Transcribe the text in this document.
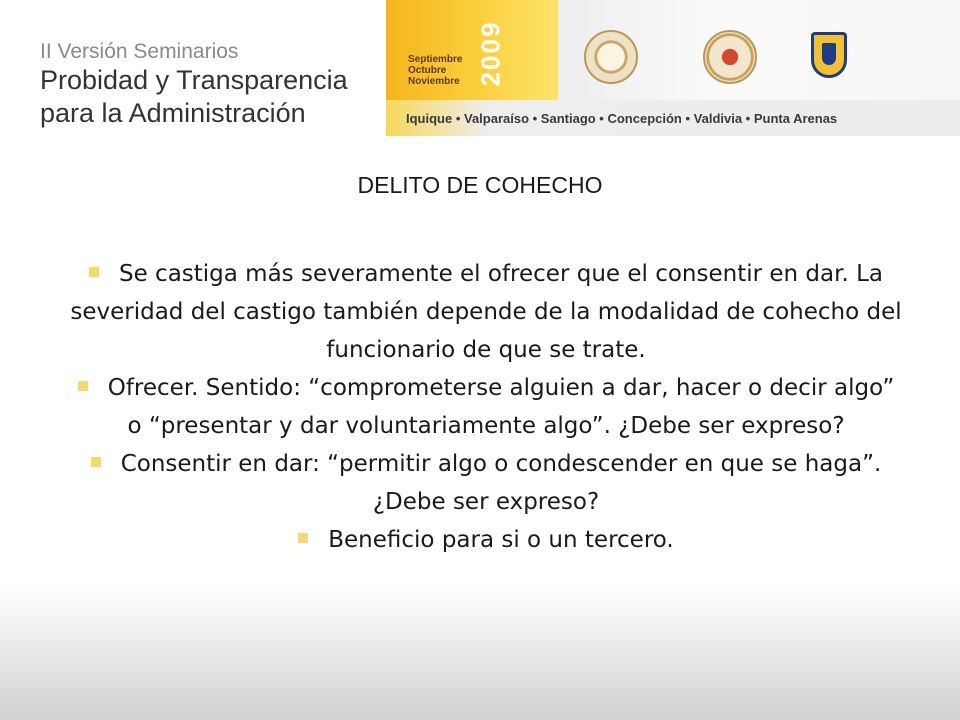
II Versión Seminarios
Probidad y Transparencia
para la Administración
Septiembre
Octubre
Noviembre 2009
Iquique • Valparaíso • Santiago • Concepción • Valdivia • Punta Arenas
DELITO DE COHECHO
Se castiga más severamente el ofrecer que el consentir en dar. La severidad del castigo también depende de la modalidad de cohecho del funcionario de que se trate.
Ofrecer. Sentido: “comprometerse alguien a dar, hacer o decir algo” o “presentar y dar voluntariamente algo”. ¿Debe ser expreso?
Consentir en dar: “permitir algo o condescender en que se haga”. ¿Debe ser expreso?
Beneficio para si o un tercero.
